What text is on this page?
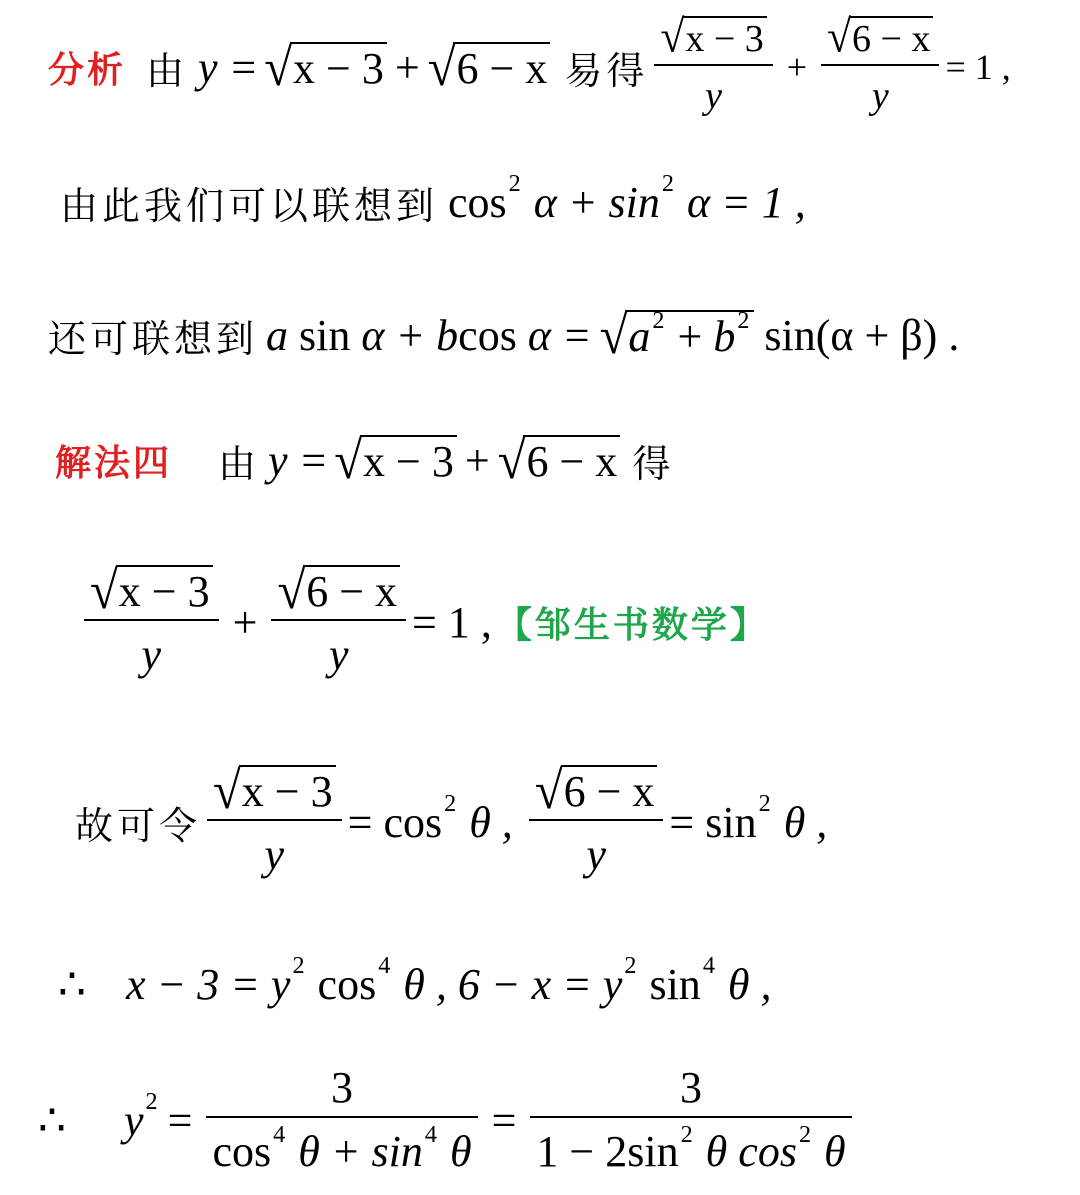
分析 由 y = √ x − 3 + √ 6 − x 易得 $\frac{√ x - 3}{y} + \frac{√ 6 - x}{y} = 1$ ,
由此我们可以联想到 $\cos^2 \alpha + \sin^2 \alpha = 1$ ,
还可联想到 a sin α + bcos α = √ $a^2 + b^2$ sin(α + β) .
解法四 由 y = √ x − 3 + √ 6 − x 得
$\frac{√ x - 3}{y} + \frac{√ 6 - x}{y} = 1$ , 【邹生书数学】
故可令 $\frac{√ x - 3}{y} = \cos^2 \theta$ , $\frac{√ 6 - x}{y} = \sin^2 \theta$ ,
∴ $x - 3 = y^2$ $\cos^4 \theta$ , $6 - x = y^2$ $\sin^4 \theta$ ,
∴ $y^2 = \frac{3}{\cos^4 \theta + \sin^4 \theta} = \frac{3}{1 - 2\sin^2 \theta \cos^2 \theta}$
